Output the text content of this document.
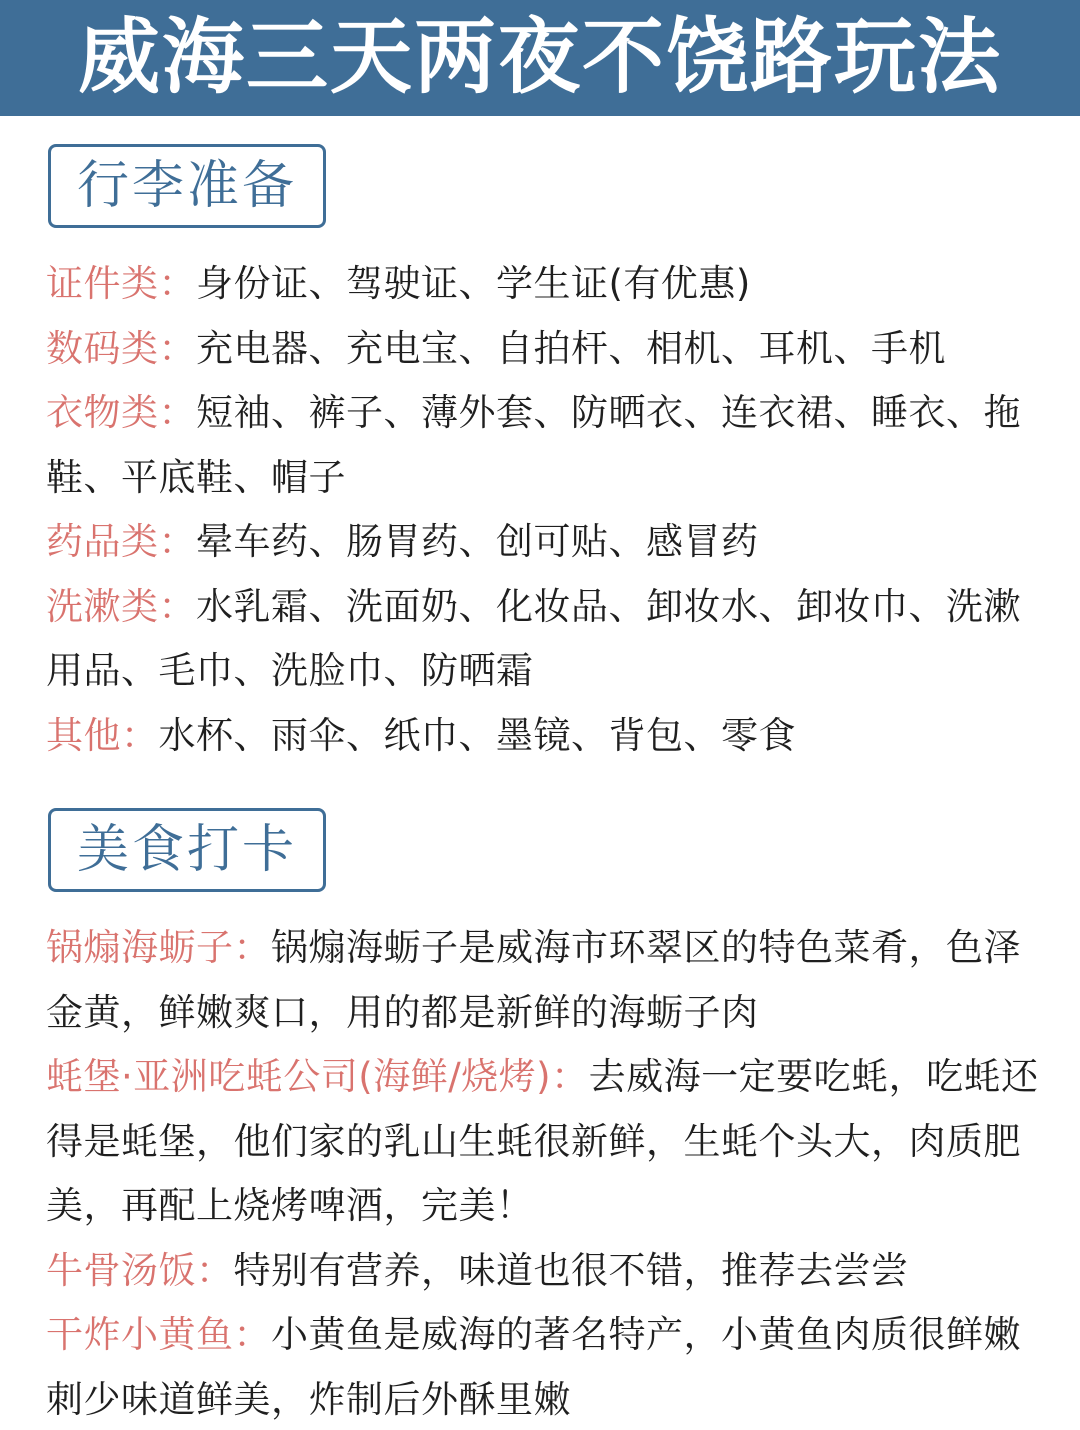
威海三天两夜不饶路玩法
行李准备
证件类：身份证、驾驶证、学生证(有优惠)
数码类：充电器、充电宝、自拍杆、相机、耳机、手机
衣物类：短袖、裤子、薄外套、防晒衣、连衣裙、睡衣、拖鞋、平底鞋、帽子
药品类：晕车药、肠胃药、创可贴、感冒药
洗漱类：水乳霜、洗面奶、化妆品、卸妆水、卸妆巾、洗漱用品、毛巾、洗脸巾、防晒霜
其他：水杯、雨伞、纸巾、墨镜、背包、零食
美食打卡
锅煽海蛎子：锅煽海蛎子是威海市环翠区的特色菜肴，色泽金黄，鲜嫩爽口，用的都是新鲜的海蛎子肉
蚝堡·亚洲吃蚝公司(海鲜/烧烤)：去威海一定要吃蚝，吃蚝还得是蚝堡，他们家的乳山生蚝很新鲜，生蚝个头大，肉质肥美，再配上烧烤啤酒，完美！
牛骨汤饭：特别有营养，味道也很不错，推荐去尝尝
干炸小黄鱼：小黄鱼是威海的著名特产，小黄鱼肉质很鲜嫩刺少味道鲜美，炸制后外酥里嫩
